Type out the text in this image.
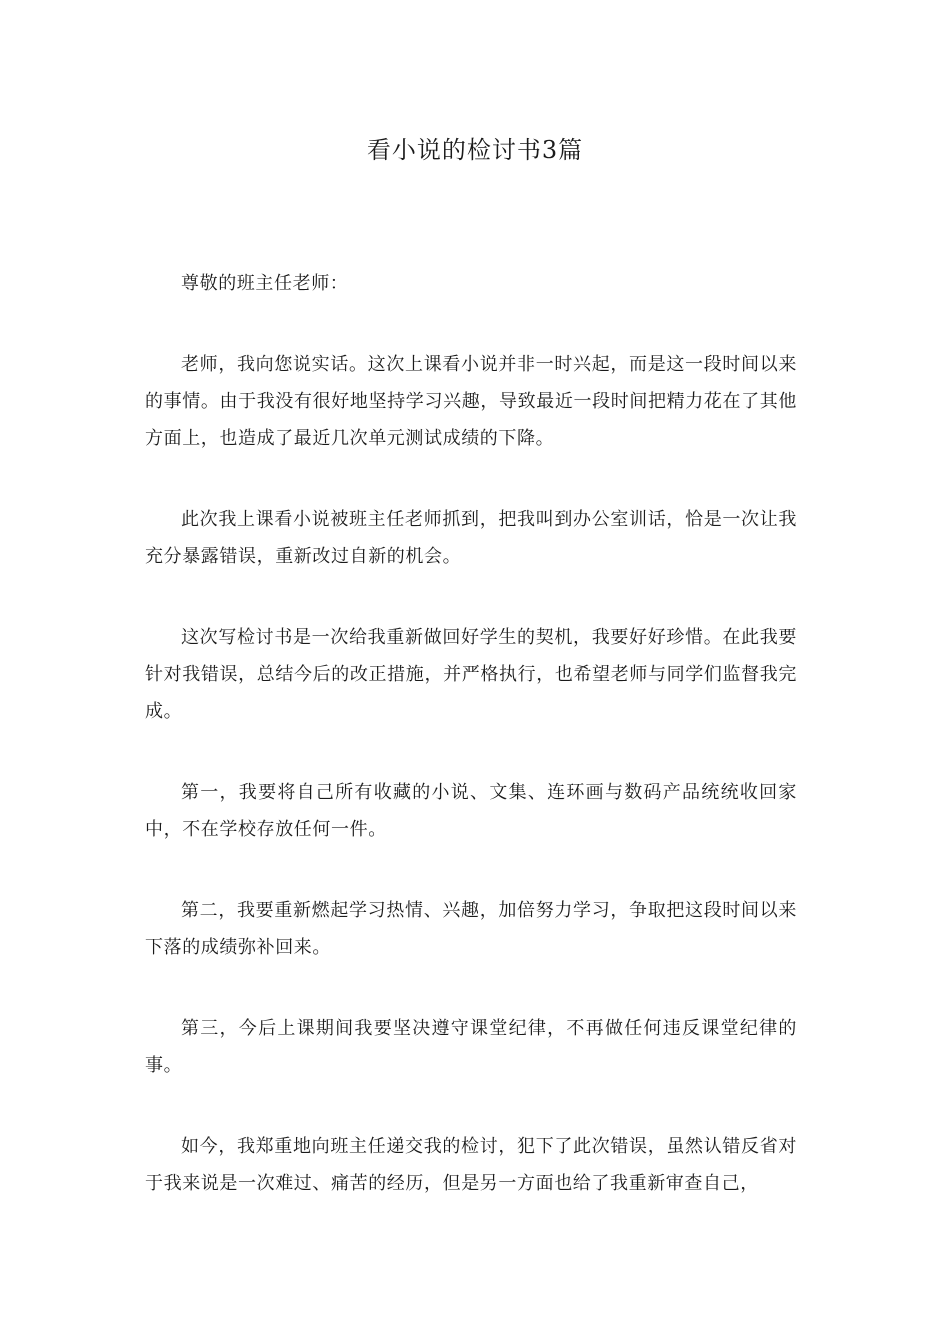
看小说的检讨书3篇

尊敬的班主任老师：

老师，我向您说实话。这次上课看小说并非一时兴起，而是这一段时间以来的事情。由于我没有很好地坚持学习兴趣，导致最近一段时间把精力花在了其他方面上，也造成了最近几次单元测试成绩的下降。

此次我上课看小说被班主任老师抓到，把我叫到办公室训话，恰是一次让我充分暴露错误，重新改过自新的机会。

这次写检讨书是一次给我重新做回好学生的契机，我要好好珍惜。在此我要针对我错误，总结今后的改正措施，并严格执行，也希望老师与同学们监督我完成。

第一，我要将自己所有收藏的小说、文集、连环画与数码产品统统收回家中，不在学校存放任何一件。

第二，我要重新燃起学习热情、兴趣，加倍努力学习，争取把这段时间以来下落的成绩弥补回来。

第三，今后上课期间我要坚决遵守课堂纪律，不再做任何违反课堂纪律的事。

如今，我郑重地向班主任递交我的检讨，犯下了此次错误，虽然认错反省对于我来说是一次难过、痛苦的经历，但是另一方面也给了我重新审查自己，
